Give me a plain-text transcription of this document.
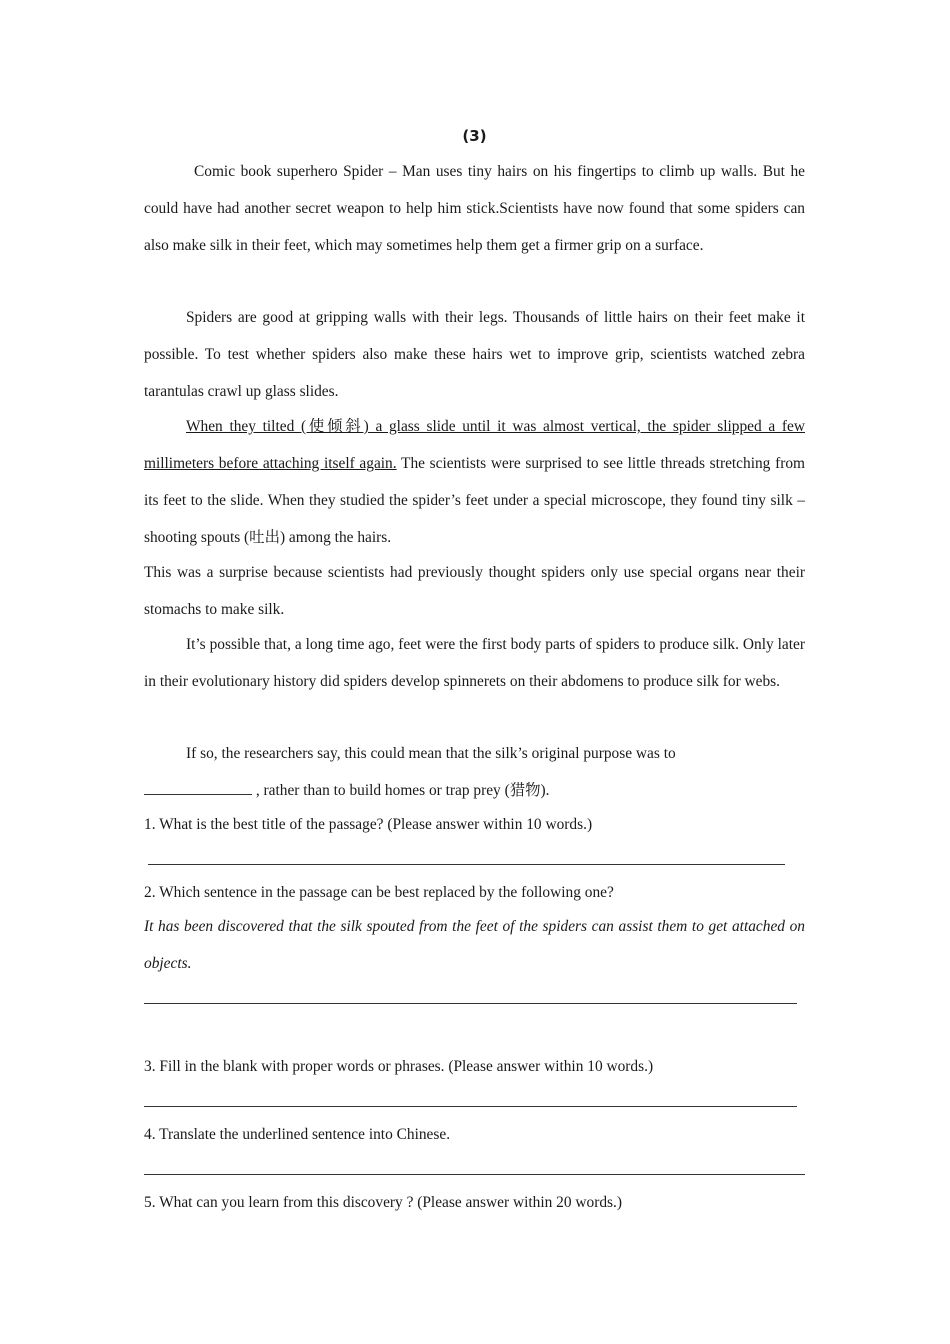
(3)

Comic book superhero Spider – Man uses tiny hairs on his fingertips to climb up walls. But he could have had another secret weapon to help him stick.Scientists have now found that some spiders can also make silk in their feet, which may sometimes help them get a firmer grip on a surface.

Spiders are good at gripping walls with their legs. Thousands of little hairs on their feet make it possible. To test whether spiders also make these hairs wet to improve grip, scientists watched zebra tarantulas crawl up glass slides.

When they tilted (使倾斜) a glass slide until it was almost vertical, the spider slipped a few millimeters before attaching itself again. The scientists were surprised to see little threads stretching from its feet to the slide. When they studied the spider’s feet under a special microscope, they found tiny silk – shooting spouts (吐出) among the hairs.

This was a surprise because scientists had previously thought spiders only use special organs near their stomachs to make silk.

It’s possible that, a long time ago, feet were the first body parts of spiders to produce silk. Only later in their evolutionary history did spiders develop spinnerets on their abdomens to produce silk for webs.

If so, the researchers say, this could mean that the silk’s original purpose was to
, rather than to build homes or trap prey (猎物).

1. What is the best title of the passage? (Please answer within 10 words.)

2. Which sentence in the passage can be best replaced by the following one?

It has been discovered that the silk spouted from the feet of the spiders can assist them to get attached on objects.

3. Fill in the blank with proper words or phrases. (Please answer within 10 words.)

4. Translate the underlined sentence into Chinese.

5. What can you learn from this discovery ? (Please answer within 20 words.)
